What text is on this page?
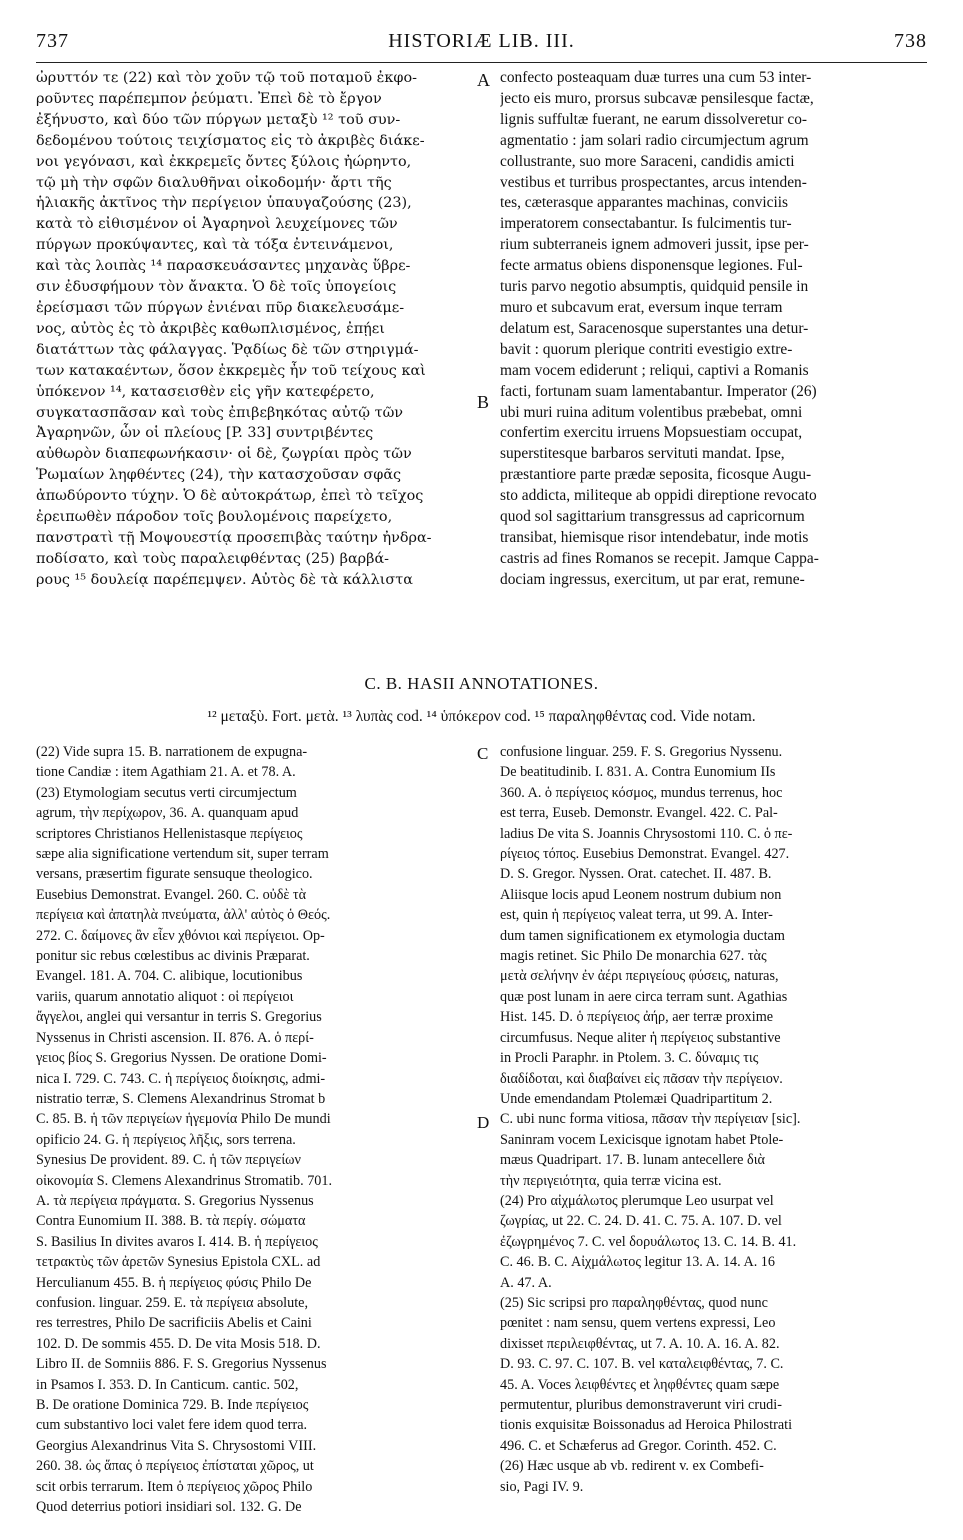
737	HISTORIÆ LIB. III.	738
ὠρυττόν τε (22) καὶ τὸν χοῦν τῷ τοῦ ποταμοῦ ἐκφο-
ροῦντες παρέπεμπον ῥεύματι. Ἐπεὶ δὲ τὸ ἔργον
ἐξήνυστο, καὶ δύο τῶν πύργων μεταξὺ ¹² τοῦ συν-
δεδομένου τούτοις τειχίσματος εἰς τὸ ἀκριβὲς διάκε-
νοι γεγόνασι, καὶ ἐκκρεμεῖς ὄντες ξύλοις ἠώρηντο,
τῷ μὴ τὴν σφῶν διαλυθῆναι οἰκοδομήν· ἄρτι τῆς
ἡλιακῆς ἀκτῖνος τὴν περίγειον ὑπαυγαζούσης (23),
κατὰ τὸ εἰθισμένον οἱ Ἀγαρηνοὶ λευχείμονες τῶν
πύργων προκύψαντες, καὶ τὰ τόξα ἐντεινάμενοι,
καὶ τὰς λοιπὰς ¹⁴ παρασκευάσαντες μηχανὰς ὕβρε-
σιν ἐδυσφήμουν τὸν ἄνακτα. Ὁ δὲ τοῖς ὑπογείοις
ἐρείσμασι τῶν πύργων ἐνιέναι πῦρ διακελευσάμε-
νος, αὐτὸς ἐς τὸ ἀκριβὲς καθωπλισμένος, ἐπῄει
διατάττων τὰς φάλαγγας. Ῥᾳδίως δὲ τῶν στηριγμά-
των κατακαέντων, ὅσον ἐκκρεμὲς ἦν τοῦ τείχους καὶ
ὑπόκενον ¹⁴, κατασεισθὲν εἰς γῆν κατεφέρετο,
συγκατασπᾶσαν καὶ τοὺς ἐπιβεβηκότας αὐτῷ τῶν
Ἀγαρηνῶν, ὧν οἱ πλείους [P. 33] συντριβέντες
αὐθωρὸν διαπεφωνήκασιν· οἱ δὲ, ζωγρίαι πρὸς τῶν
Ῥωμαίων ληφθέντες (24), τὴν κατασχοῦσαν σφᾶς
ἀπωδύροντο τύχην. Ὁ δὲ αὐτοκράτωρ, ἐπεὶ τὸ τεῖχος
ἐρειπωθὲν πάροδον τοῖς βουλομένοις παρείχετο,
πανστρατὶ τῇ Μοψουεστίᾳ προσεπιβὰς ταύτην ἠνδρα-
ποδίσατο, καὶ τοὺς παραλειφθέντας (25) βαρβά-
ρους ¹⁵ δουλείᾳ παρέπεμψεν. Αὐτὸς δὲ τὰ κάλλιστα
confecto posteaquam duæ turres una cum 53 inter-
jecto eis muro, prorsus subcavæ pensilesque factæ,
lignis suffultæ fuerant, ne earum dissolveretur co-
agmentatio : jam solari radio circumjectum agrum
collustrante, suo more Saraceni, candidis amicti
vestibus et turribus prospectantes, arcus intenden-
tes, cæterasque apparantes machinas, conviciis
imperatorem consectabantur. Is fulcimentis tur-
rium subterraneis ignem admoveri jussit, ipse per-
fecte armatus obiens disponensque legiones. Ful-
turis parvo negotio absumptis, quidquid pensile in
muro et subcavum erat, eversum inque terram
delatum est, Saracenosque superstantes una detur-
bavit : quorum plerique contriti evestigio extre-
mam vocem ediderunt ; reliqui, captivi a Romanis
facti, fortunam suam lamentabantur. Imperator (26)
ubi muri ruina aditum volentibus præbebat, omni
confertim exercitu irruens Mopsuestiam occupat,
superstitesque barbaros servituti mandat. Ipse,
præstantiore parte prædæ seposita, ficosque Augu-
sto addicta, militeque ab oppidi direptione revocato
quod sol sagittarium transgressus ad capricornum
transibat, hiemisque risor intendebatur, inde motis
castris ad fines Romanos se recepit. Jamque Cappa-
dociam ingressus, exercitum, ut par erat, remune-
A
B
C
D
C. B. HASII ANNOTATIONES.
¹² μεταξὺ. Fort. μετὰ. ¹³ λυπὰς cod. ¹⁴ ὑπόκερον cod. ¹⁵ παραληφθέντας cod. Vide notam.
(22) Vide supra 15. B. narrationem de expugna-
tione Candiæ : item Agathiam 21. A. et 78. A.
(23) Etymologiam secutus verti circumjectum
agrum, τὴν περίχωρον, 36. A. quanquam apud
scriptores Christianos Hellenistasque περίγειος
sæpe alia significatione vertendum sit, super terram
versans, præsertim figurate sensuque theologico.
Eusebius Demonstrat. Evangel. 260. C. οὐδὲ τὰ
περίγεια καὶ ἀπατηλὰ πνεύματα, ἀλλ' αὐτὸς ὁ Θεός.
272. C. δαίμονες ἂν εἶεν χθόνιοι καὶ περίγειοι. Op-
ponitur sic rebus cœlestibus ac divinis Præparat.
Evangel. 181. A. 704. C. alibique, locutionibus
variis, quarum annotatio aliquot : οἱ περίγειοι
ἄγγελοι, anglei qui versantur in terris S. Gregorius
Nyssenus in Christi ascension. II. 876. A. ὁ περί-
γειος βίος S. Gregorius Nyssen. De oratione Domi-
nica I. 729. C. 743. C. ἡ περίγειος διοίκησις, admi-
nistratio terræ, S. Clemens Alexandrinus Stromat b
C. 85. B. ἡ τῶν περιγείων ἡγεμονία Philo De mundi
opificio 24. G. ἡ περίγειος λῆξις, sors terrena.
Synesius De provident. 89. C. ἡ τῶν περιγείων
οἰκονομία S. Clemens Alexandrinus Stromatib. 701.
A. τὰ περίγεια πράγματα. S. Gregorius Nyssenus
Contra Eunomium II. 388. B. τὰ περίγ. σώματα
S. Basilius In divites avaros I. 414. B. ἡ περίγειος
τετρακτὺς τῶν ἀρετῶν Synesius Epistola CXL. ad
Herculianum 455. B. ἡ περίγειος φύσις Philo De
confusion. linguar. 259. E. τὰ περίγεια absolute,
res terrestres, Philo De sacrificiis Abelis et Caini
102. D. De sommis 455. D. De vita Mosis 518. D.
Libro II. de Somniis 886. F. S. Gregorius Nyssenus
in Psamos I. 353. D. In Canticum. cantic. 502,
B. De oratione Dominica 729. B. Inde περίγειος
cum substantivo loci valet fere idem quod terra.
Georgius Alexandrinus Vita S. Chrysostomi VIII.
260. 38. ὡς ἅπας ὁ περίγειος ἐπίσταται χῶρος, ut
scit orbis terrarum. Item ὁ περίγειος χῶρος Philo
Quod deterrius potiori insidiari sol. 132. G. De
confusione linguar. 259. F. S. Gregorius Nyssenu.
De beatitudinib. I. 831. A. Contra Eunomium IIs
360. A. ὁ περίγειος κόσμος, mundus terrenus, hoc
est terra, Euseb. Demonstr. Evangel. 422. C. Pal-
ladius De vita S. Joannis Chrysostomi 110. C. ὁ πε-
ρίγειος τόπος. Eusebius Demonstrat. Evangel. 427.
D. S. Gregor. Nyssen. Orat. catechet. II. 487. B.
Aliisque locis apud Leonem nostrum dubium non
est, quin ἡ περίγειος valeat terra, ut 99. A. Inter-
dum tamen significationem ex etymologia ductam
magis retinet. Sic Philo De monarchia 627. τὰς
μετὰ σελήνην ἐν ἀέρι περιγείους φύσεις, naturas,
quæ post lunam in aere circa terram sunt. Agathias
Hist. 145. D. ὁ περίγειος ἀήρ, aer terræ proxime
circumfusus. Neque aliter ἡ περίγειος substantive
in Procli Paraphr. in Ptolem. 3. C. δύναμις τις
διαδίδοται, καὶ διαβαίνει εἰς πᾶσαν τὴν περίγειον.
Unde emendandam Ptolemæi Quadripartitum 2.
C. ubi nunc forma vitiosa, πᾶσαν τὴν περίγειαν [sic].
Saninram vocem Lexicisque ignotam habet Ptole-
mæus Quadripart. 17. B. lunam antecellere διὰ
τὴν περιγειότητα, quia terræ vicina est.
(24) Pro αἰχμάλωτος plerumque Leo usurpat vel
ζωγρίας, ut 22. C. 24. D. 41. C. 75. A. 107. D. vel
ἐζωγρημένος 7. C. vel δορυάλωτος 13. C. 14. B. 41.
C. 46. B. C. Αἰχμάλωτος legitur 13. A. 14. A. 16
A. 47. A.
(25) Sic scripsi pro παραληφθέντας, quod nunc
pœnitet : nam sensu, quem vertens expressi, Leo
dixisset περιλειφθέντας, ut 7. A. 10. A. 16. A. 82.
D. 93. C. 97. C. 107. B. vel καταλειφθέντας, 7. C.
45. A. Voces λειφθέντες et ληφθέντες quam sæpe
permutentur, pluribus demonstraverunt viri crudi-
tionis exquisitæ Boissonadus ad Heroica Philostrati
496. C. et Schæferus ad Gregor. Corinth. 452. C.
(26) Hæc usque ab vb. redirent v. ex Combefi-
sio, Pagi IV. 9.
